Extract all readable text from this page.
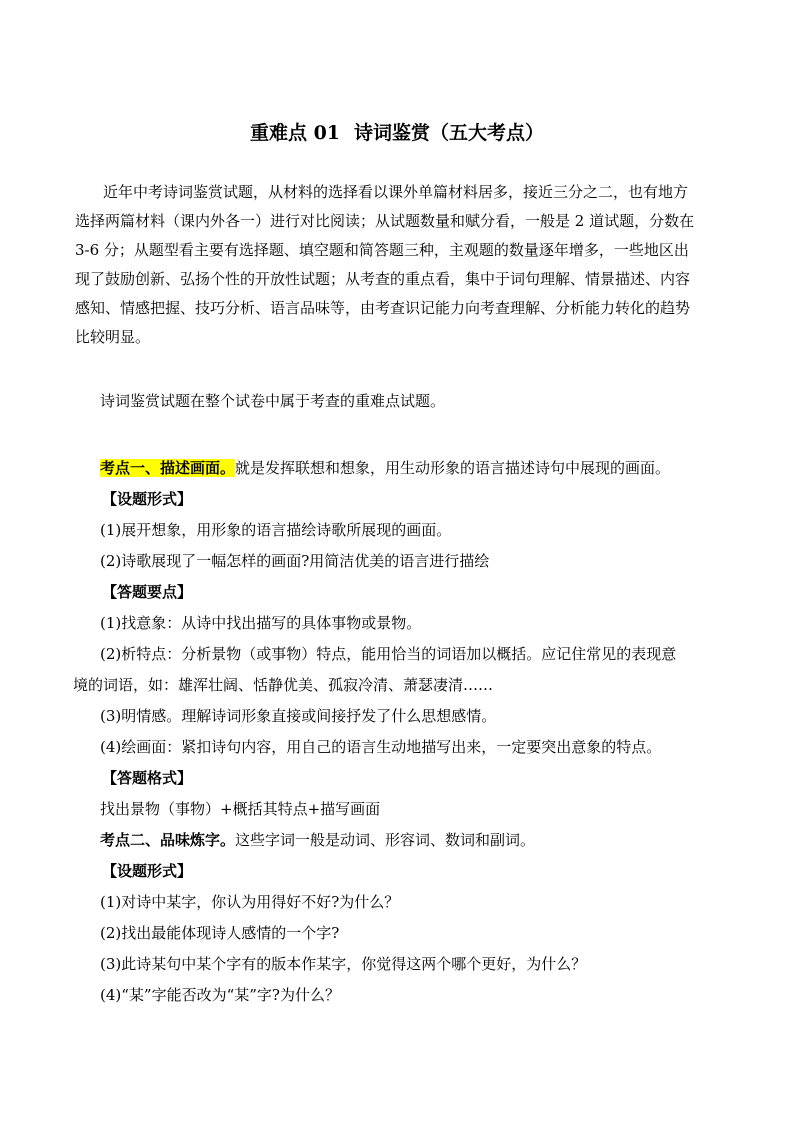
重难点 01 诗词鉴赏（五大考点）
近年中考诗词鉴赏试题，从材料的选择看以课外单篇材料居多，接近三分之二，也有地方
选择两篇材料（课内外各一）进行对比阅读；从试题数量和赋分看，一般是 2 道试题，分数在
3-6 分；从题型看主要有选择题、填空题和简答题三种，主观题的数量逐年增多，一些地区出
现了鼓励创新、弘扬个性的开放性试题；从考查的重点看，集中于词句理解、情景描述、内容
感知、情感把握、技巧分析、语言品味等，由考查识记能力向考查理解、分析能力转化的趋势
比较明显。

诗词鉴赏试题在整个试卷中属于考查的重难点试题。

考点一、描述画面。就是发挥联想和想象，用生动形象的语言描述诗句中展现的画面。

【设题形式】

(1)展开想象，用形象的语言描绘诗歌所展现的画面。

(2)诗歌展现了一幅怎样的画面?用简洁优美的语言进行描绘

【答题要点】

(1)找意象：从诗中找出描写的具体事物或景物。

(2)析特点：分析景物（或事物）特点，能用恰当的词语加以概括。应记住常见的表现意

境的词语，如：雄浑壮阔、恬静优美、孤寂冷清、萧瑟凄清……

(3)明情感。理解诗词形象直接或间接抒发了什么思想感情。

(4)绘画面：紧扣诗句内容，用自己的语言生动地描写出来，一定要突出意象的特点。

【答题格式】

找出景物（事物）+概括其特点+描写画面

考点二、品味炼字。这些字词一般是动词、形容词、数词和副词。

【设题形式】

(1)对诗中某字，你认为用得好不好?为什么？

(2)找出最能体现诗人感情的一个字?

(3)此诗某句中某个字有的版本作某字，你觉得这两个哪个更好，为什么？

(4)“某”字能否改为“某”字?为什么？
